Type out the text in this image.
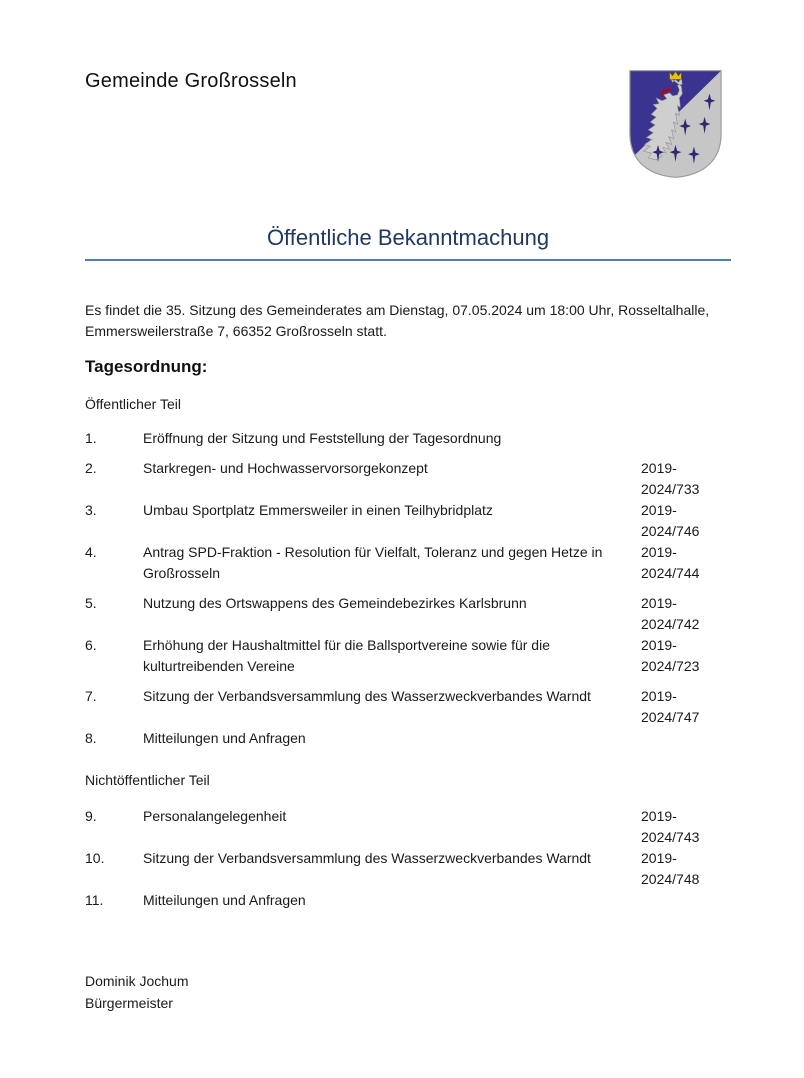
Gemeinde Großrosseln
Öffentliche Bekanntmachung
Es findet die 35. Sitzung des Gemeinderates am Dienstag, 07.05.2024 um 18:00 Uhr, Rosseltalhalle, Emmersweilerstraße 7, 66352 Großrosseln statt.
Tagesordnung:
Öffentlicher Teil
1.	Eröffnung der Sitzung und Feststellung der Tagesordnung
2.	Starkregen- und Hochwasservorsorgekonzept	2019-
2024/733
3.	Umbau Sportplatz Emmersweiler in einen Teilhybridplatz	2019-
2024/746
4.	Antrag SPD-Fraktion - Resolution für Vielfalt, Toleranz und gegen Hetze in Großrosseln
2019-
2024/744
5.	Nutzung des Ortswappens des Gemeindebezirkes Karlsbrunn	2019-
2024/742
6.	Erhöhung der Haushaltmittel für die Ballsportvereine sowie für die kulturtreibenden Vereine
2019-
2024/723
7.	Sitzung der Verbandsversammlung des Wasserzweckverbandes Warndt	2019-
2024/747
8.	Mitteilungen und Anfragen
Nichtöffentlicher Teil
9.	Personalangelegenheit	2019-
2024/743
10.	Sitzung der Verbandsversammlung des Wasserzweckverbandes Warndt	2019-
2024/748
11.	Mitteilungen und Anfragen
Dominik Jochum
Bürgermeister
